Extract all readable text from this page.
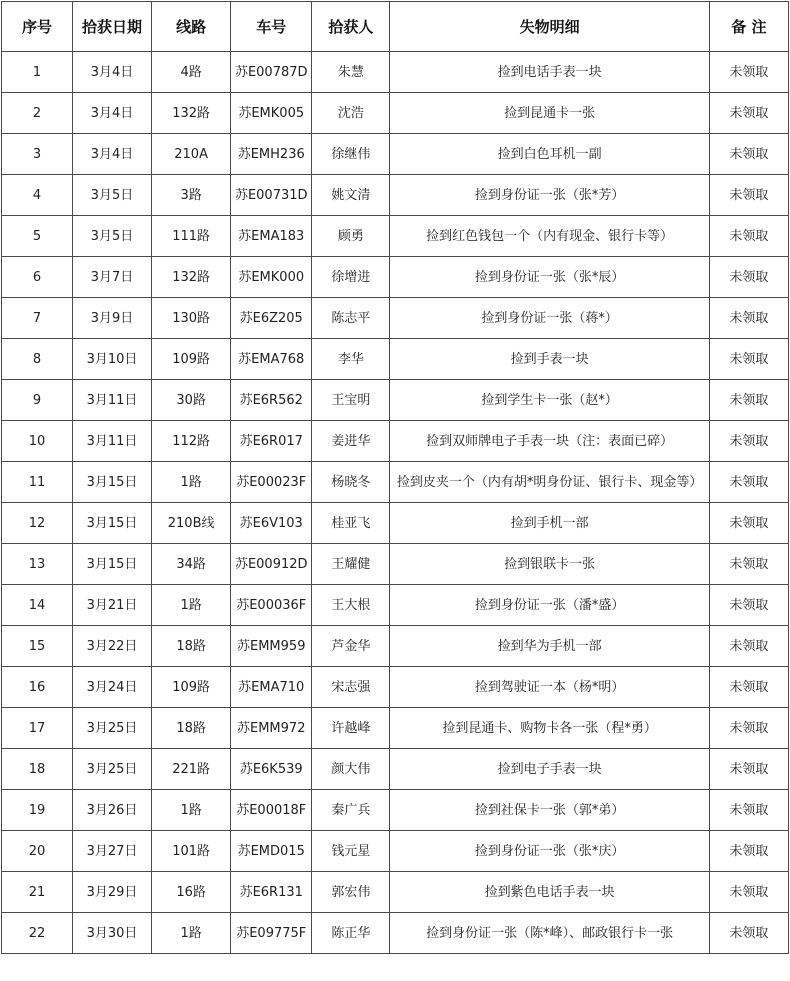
序号	拾获日期	线路	车号	拾获人	失物明细	备 注
1	3月4日	4路	苏E00787D	朱慧	捡到电话手表一块	未领取
2	3月4日	132路	苏EMK005	沈浩	捡到昆通卡一张	未领取
3	3月4日	210A	苏EMH236	徐继伟	捡到白色耳机一副	未领取
4	3月5日	3路	苏E00731D	姚文清	捡到身份证一张（张*芳）	未领取
5	3月5日	111路	苏EMA183	顾勇	捡到红色钱包一个（内有现金、银行卡等）	未领取
6	3月7日	132路	苏EMK000	徐增进	捡到身份证一张（张*辰）	未领取
7	3月9日	130路	苏E6Z205	陈志平	捡到身份证一张（蒋*）	未领取
8	3月10日	109路	苏EMA768	李华	捡到手表一块	未领取
9	3月11日	30路	苏E6R562	王宝明	捡到学生卡一张（赵*）	未领取
10	3月11日	112路	苏E6R017	姜进华	捡到双师牌电子手表一块（注：表面已碎）	未领取
11	3月15日	1路	苏E00023F	杨晓冬	捡到皮夹一个（内有胡*明身份证、银行卡、现金等）	未领取
12	3月15日	210B线	苏E6V103	桂亚飞	捡到手机一部	未领取
13	3月15日	34路	苏E00912D	王耀健	捡到银联卡一张	未领取
14	3月21日	1路	苏E00036F	王大根	捡到身份证一张（潘*盛）	未领取
15	3月22日	18路	苏EMM959	芦金华	捡到华为手机一部	未领取
16	3月24日	109路	苏EMA710	宋志强	捡到驾驶证一本（杨*明）	未领取
17	3月25日	18路	苏EMM972	许越峰	捡到昆通卡、购物卡各一张（程*勇）	未领取
18	3月25日	221路	苏E6K539	颜大伟	捡到电子手表一块	未领取
19	3月26日	1路	苏E00018F	秦广兵	捡到社保卡一张（郭*弟）	未领取
20	3月27日	101路	苏EMD015	钱元星	捡到身份证一张（张*庆）	未领取
21	3月29日	16路	苏E6R131	郭宏伟	捡到紫色电话手表一块	未领取
22	3月30日	1路	苏E09775F	陈正华	捡到身份证一张（陈*峰）、邮政银行卡一张	未领取
